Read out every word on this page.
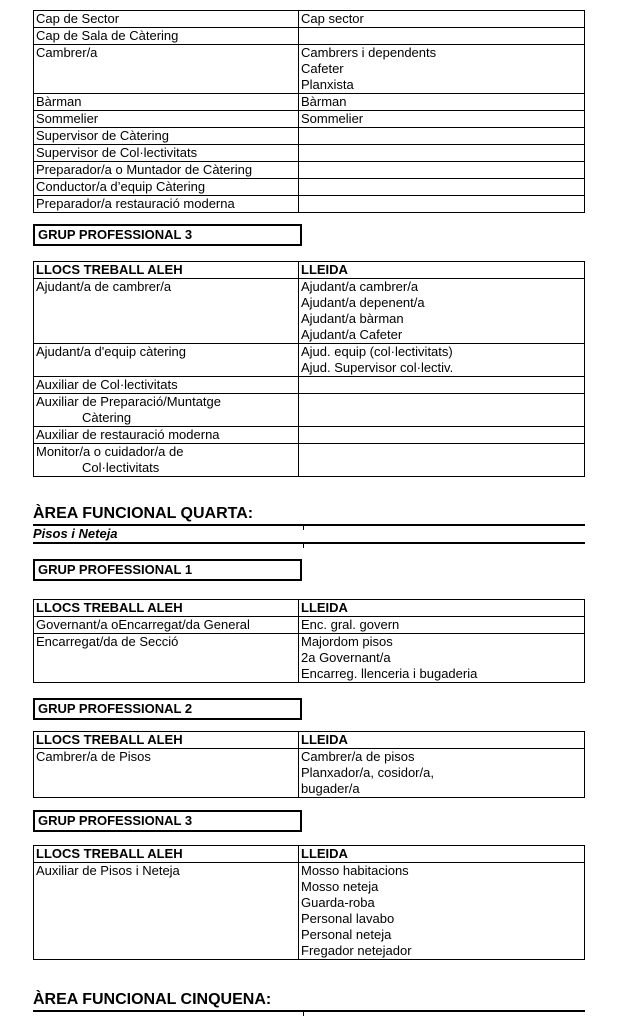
Cap de Sector	Cap sector

Cap de Sala de Càtering	

Cambrer/a	Cambrers i dependents
Cafeter
Planxista

Bàrman	Bàrman

Sommelier	Sommelier

Supervisor de Càtering	

Supervisor de Col·lectivitats	

Preparador/a o Muntador de Càtering	

Conductor/a d’equip Càtering	

Preparador/a restauració moderna	

GRUP PROFESSIONAL 3
LLOCS TREBALL ALEH	LLEIDA

Ajudant/a de cambrer/a	Ajudant/a cambrer/a
Ajudant/a depenent/a
Ajudant/a bàrman
Ajudant/a Cafeter

Ajudant/a d'equip càtering	Ajud. equip (col·lectivitats)
Ajud. Supervisor col·lectiv.

Auxiliar de Col·lectivitats	

Auxiliar de Preparació/Muntatge
Càtering	

Auxiliar de restauració moderna	

Monitor/a o cuidador/a de
Col·lectivitats	

ÀREA FUNCIONAL QUARTA:
Pisos i Neteja
GRUP PROFESSIONAL 1
LLOCS TREBALL ALEH	LLEIDA

Governant/a oEncarregat/da General	Enc. gral. govern

Encarregat/da de Secció	Majordom pisos
2a Governant/a
Encarreg. llenceria i bugaderia
GRUP PROFESSIONAL 2
LLOCS TREBALL ALEH	LLEIDA

Cambrer/a de Pisos	Cambrer/a de pisos
Planxador/a, cosidor/a,
bugader/a
GRUP PROFESSIONAL 3
LLOCS TREBALL ALEH	LLEIDA

Auxiliar de Pisos i Neteja	Mosso habitacions
Mosso neteja
Guarda-roba
Personal lavabo
Personal neteja
Fregador netejador
ÀREA FUNCIONAL CINQUENA:
